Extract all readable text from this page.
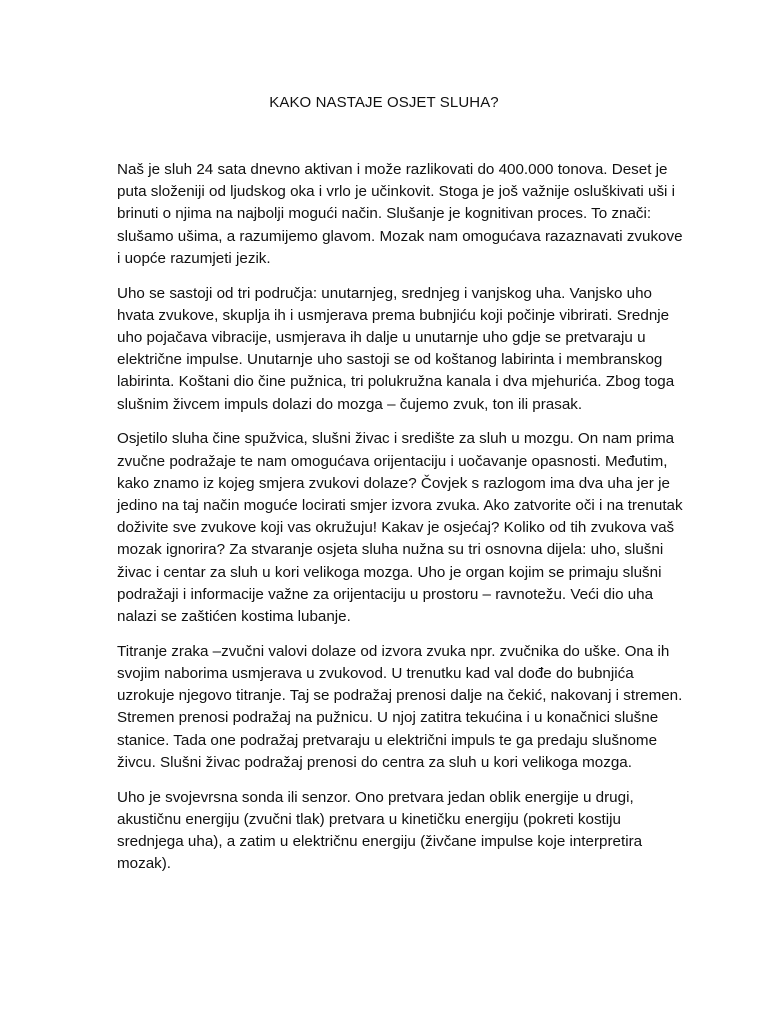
KAKO NASTAJE OSJET SLUHA?

Naš je sluh 24 sata dnevno aktivan i može razlikovati do 400.000 tonova. Deset je puta složeniji od ljudskog oka i vrlo je učinkovit. Stoga je još važnije osluškivati uši i brinuti o njima na najbolji mogući način. Slušanje je kognitivan proces. To znači: slušamo ušima, a razumijemo glavom. Mozak nam omogućava razaznavati zvukove i uopće razumjeti jezik.

Uho se sastoji od tri područja: unutarnjeg, srednjeg i vanjskog uha. Vanjsko uho hvata zvukove, skuplja ih i usmjerava prema bubnjiću koji počinje vibrirati. Srednje uho pojačava vibracije, usmjerava ih dalje u unutarnje uho gdje se pretvaraju u električne impulse. Unutarnje uho sastoji se od koštanog labirinta i membranskog labirinta. Koštani dio čine pužnica, tri polukružna kanala i dva mjehurića. Zbog toga slušnim živcem impuls dolazi do mozga – čujemo zvuk, ton ili prasak.

Osjetilo sluha čine spužvica, slušni živac i središte za sluh u mozgu. On nam prima zvučne podražaje te nam omogućava orijentaciju i uočavanje opasnosti. Međutim, kako znamo iz kojeg smjera zvukovi dolaze? Čovjek s razlogom ima dva uha jer je jedino na taj način moguće locirati smjer izvora zvuka. Ako zatvorite oči i na trenutak doživite sve zvukove koji vas okružuju! Kakav je osjećaj? Koliko od tih zvukova vaš mozak ignorira? Za stvaranje osjeta sluha nužna su tri osnovna dijela: uho, slušni živac i centar za sluh u kori velikoga mozga. Uho je organ kojim se primaju slušni podražaji i informacije važne za orijentaciju u prostoru – ravnotežu. Veći dio uha nalazi se zaštićen kostima lubanje.

Titranje zraka –zvučni valovi dolaze od izvora zvuka npr. zvučnika do uške. Ona ih svojim naborima usmjerava u zvukovod. U trenutku kad val dođe do bubnjića uzrokuje njegovo titranje. Taj se podražaj prenosi dalje na čekić, nakovanj i stremen. Stremen prenosi podražaj na pužnicu. U njoj zatitra tekućina i u konačnici slušne stanice. Tada one podražaj pretvaraju u električni impuls te ga predaju slušnome živcu. Slušni živac podražaj prenosi do centra za sluh u kori velikoga mozga.

Uho je svojevrsna sonda ili senzor. Ono pretvara jedan oblik energije u drugi, akustičnu energiju (zvučni tlak) pretvara u kinetičku energiju (pokreti kostiju srednjega uha), a zatim u električnu energiju (živčane impulse koje interpretira mozak).
